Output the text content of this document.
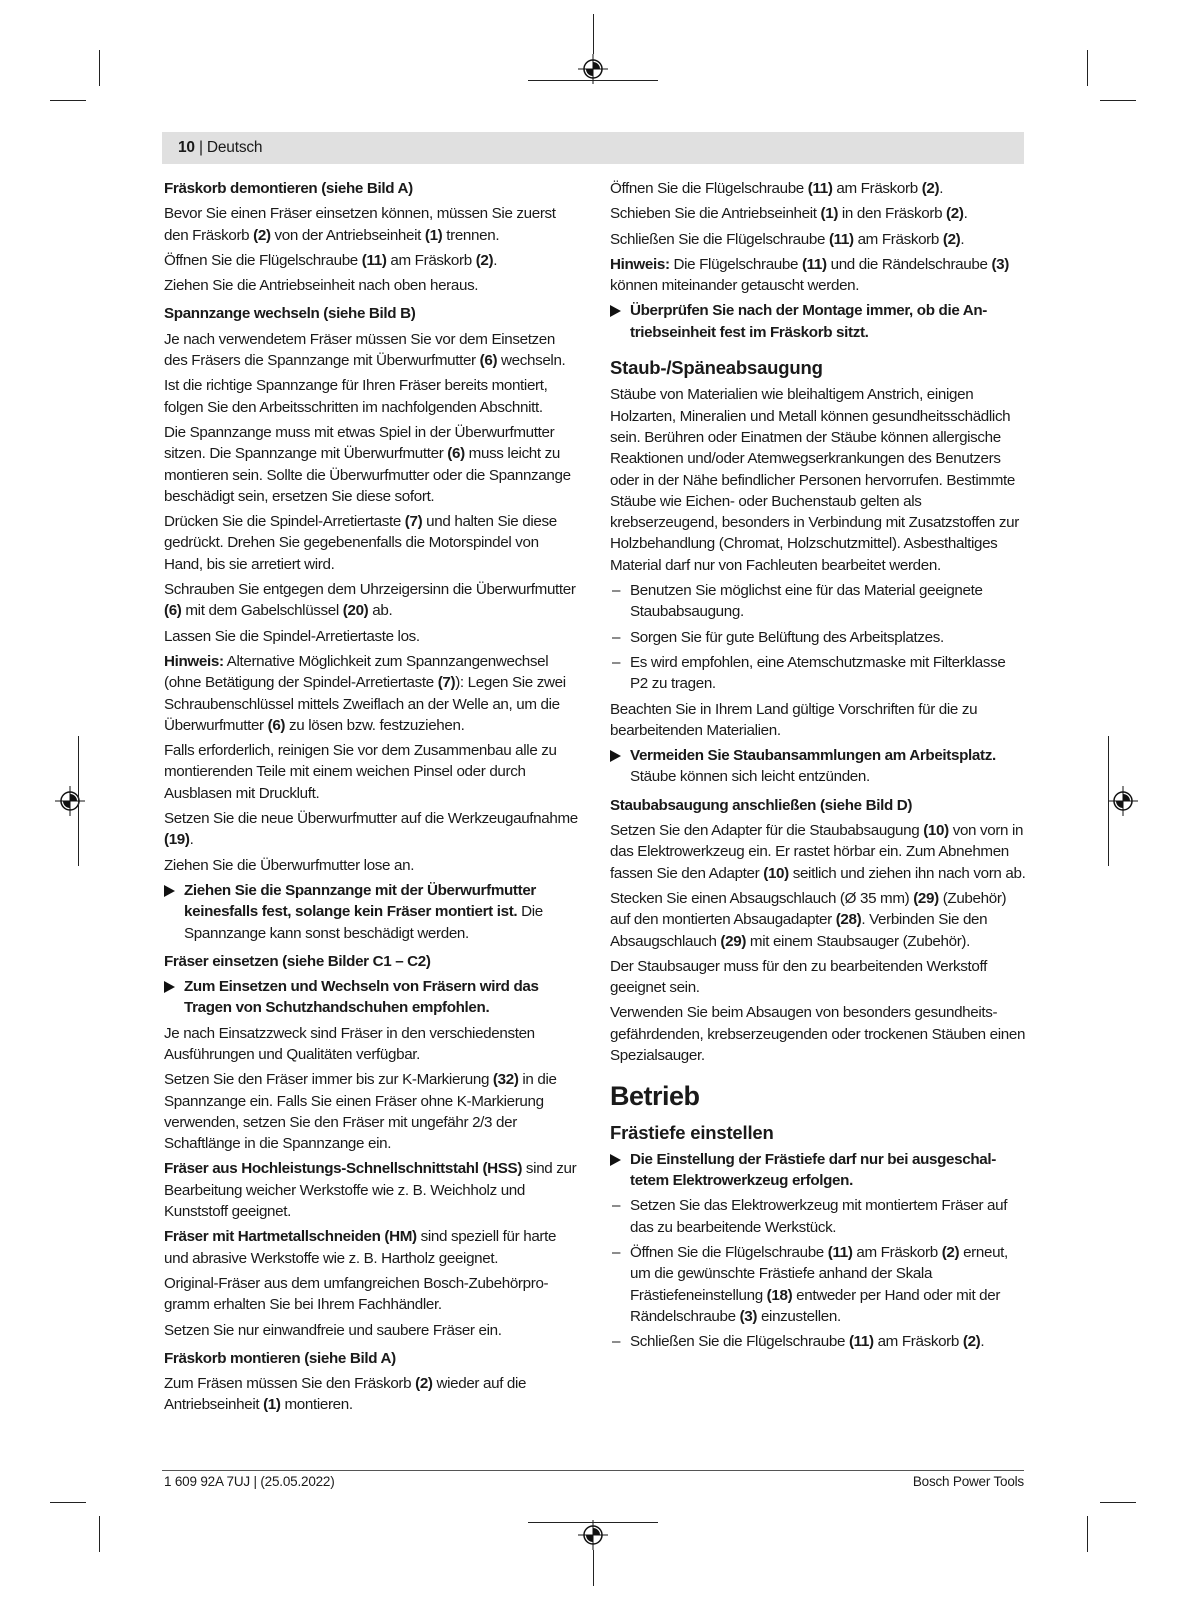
10 | Deutsch
Fräskorb demontieren (siehe Bild A)

Bevor Sie einen Fräser einsetzen können, müssen Sie zuerst den Fräskorb (2) von der Antriebseinheit (1) trennen.

Öffnen Sie die Flügelschraube (11) am Fräskorb (2).

Ziehen Sie die Antriebseinheit nach oben heraus.

Spannzange wechseln (siehe Bild B)

Je nach verwendetem Fräser müssen Sie vor dem Einsetzen des Fräsers die Spannzange mit Überwurfmutter (6) wechseln.

Ist die richtige Spannzange für Ihren Fräser bereits montiert, folgen Sie den Arbeitsschritten im nachfolgenden Abschnitt.

Die Spannzange muss mit etwas Spiel in der Überwurfmutter sitzen. Die Spannzange mit Überwurfmutter (6) muss leicht zu montieren sein. Sollte die Überwurfmutter oder die Spannzange beschädigt sein, ersetzen Sie diese sofort.

Drücken Sie die Spindel-Arretiertaste (7) und halten Sie diese gedrückt. Drehen Sie gegebenenfalls die Motorspindel von Hand, bis sie arretiert wird.

Schrauben Sie entgegen dem Uhrzeigersinn die Überwurfmutter (6) mit dem Gabelschlüssel (20) ab.

Lassen Sie die Spindel-Arretiertaste los.

Hinweis: Alternative Möglichkeit zum Spannzangenwechsel (ohne Betätigung der Spindel-Arretiertaste (7)): Legen Sie zwei Schraubenschlüssel mittels Zweiflach an der Welle an, um die Überwurfmutter (6) zu lösen bzw. festzuziehen.

Falls erforderlich, reinigen Sie vor dem Zusammenbau alle zu montierenden Teile mit einem weichen Pinsel oder durch Ausblasen mit Druckluft.

Setzen Sie die neue Überwurfmutter auf die Werkzeugaufnahme (19).

Ziehen Sie die Überwurfmutter lose an.

Ziehen Sie die Spannzange mit der Überwurfmutter keinesfalls fest, solange kein Fräser montiert ist. Die Spannzange kann sonst beschädigt werden.
Fräser einsetzen (siehe Bilder C1 – C2)
Zum Einsetzen und Wechseln von Fräsern wird das Tragen von Schutzhandschuhen empfohlen.

Je nach Einsatzzweck sind Fräser in den verschiedensten Ausführungen und Qualitäten verfügbar.

Setzen Sie den Fräser immer bis zur K-Markierung (32) in die Spannzange ein. Falls Sie einen Fräser ohne K-Markierung verwenden, setzen Sie den Fräser mit ungefähr 2/3 der Schaftlänge in die Spannzange ein.

Fräser aus Hochleistungs-Schnellschnittstahl (HSS) sind zur Bearbeitung weicher Werkstoffe wie z. B. Weichholz und Kunststoff geeignet.

Fräser mit Hartmetallschneiden (HM) sind speziell für harte und abrasive Werkstoffe wie z. B. Hartholz geeignet.

Original-Fräser aus dem umfangreichen Bosch-Zubehörprogramm erhalten Sie bei Ihrem Fachhändler.

Setzen Sie nur einwandfreie und saubere Fräser ein.

Fräskorb montieren (siehe Bild A)

Zum Fräsen müssen Sie den Fräskorb (2) wieder auf die Antriebseinheit (1) montieren.

Öffnen Sie die Flügelschraube (11) am Fräskorb (2).

Schieben Sie die Antriebseinheit (1) in den Fräskorb (2).

Schließen Sie die Flügelschraube (11) am Fräskorb (2).

Hinweis: Die Flügelschraube (11) und die Rändelschraube (3) können miteinander getauscht werden.

Überprüfen Sie nach der Montage immer, ob die Antriebseinheit fest im Fräskorb sitzt.
Staub-/Späneabsaugung

Stäube von Materialien wie bleihaltigem Anstrich, einigen Holzarten, Mineralien und Metall können gesundheitsschädlich sein. Berühren oder Einatmen der Stäube können allergische Reaktionen und/oder Atemwegserkrankungen des Benutzers oder in der Nähe befindlicher Personen hervorrufen. Bestimmte Stäube wie Eichen- oder Buchenstaub gelten als krebserzeugend, besonders in Verbindung mit Zusatzstoffen zur Holzbehandlung (Chromat, Holzschutzmittel). Asbesthaltiges Material darf nur von Fachleuten bearbeitet werden.

– Benutzen Sie möglichst eine für das Material geeignete Staubabsaugung.
– Sorgen Sie für gute Belüftung des Arbeitsplatzes.
– Es wird empfohlen, eine Atemschutzmaske mit Filterklasse P2 zu tragen.

Beachten Sie in Ihrem Land gültige Vorschriften für die zu bearbeitenden Materialien.

Vermeiden Sie Staubansammlungen am Arbeitsplatz. Stäube können sich leicht entzünden.
Staubabsaugung anschließen (siehe Bild D)

Setzen Sie den Adapter für die Staubabsaugung (10) von vorn in das Elektrowerkzeug ein. Er rastet hörbar ein. Zum Abnehmen fassen Sie den Adapter (10) seitlich und ziehen ihn nach vorn ab.

Stecken Sie einen Absaugschlauch (Ø 35 mm) (29) (Zubehör) auf den montierten Absaugadapter (28). Verbinden Sie den Absaugschlauch (29) mit einem Staubsauger (Zubehör).

Der Staubsauger muss für den zu bearbeitenden Werkstoff geeignet sein.

Verwenden Sie beim Absaugen von besonders gesundheitsgefährdenden, krebserzeugenden oder trockenen Stäuben einen Spezialsauger.

Betrieb
Frästiefe einstellen
Die Einstellung der Frästiefe darf nur bei ausgeschaltetem Elektrowerkzeug erfolgen.
– Setzen Sie das Elektrowerkzeug mit montiertem Fräser auf das zu bearbeitende Werkstück.
– Öffnen Sie die Flügelschraube (11) am Fräskorb (2) erneut, um die gewünschte Frästiefe anhand der Skala Frästiefeneinstellung (18) entweder per Hand oder mit der Rändelschraube (3) einzustellen.
– Schließen Sie die Flügelschraube (11) am Fräskorb (2).
1 609 92A 7UJ | (25.05.2022)	Bosch Power Tools
